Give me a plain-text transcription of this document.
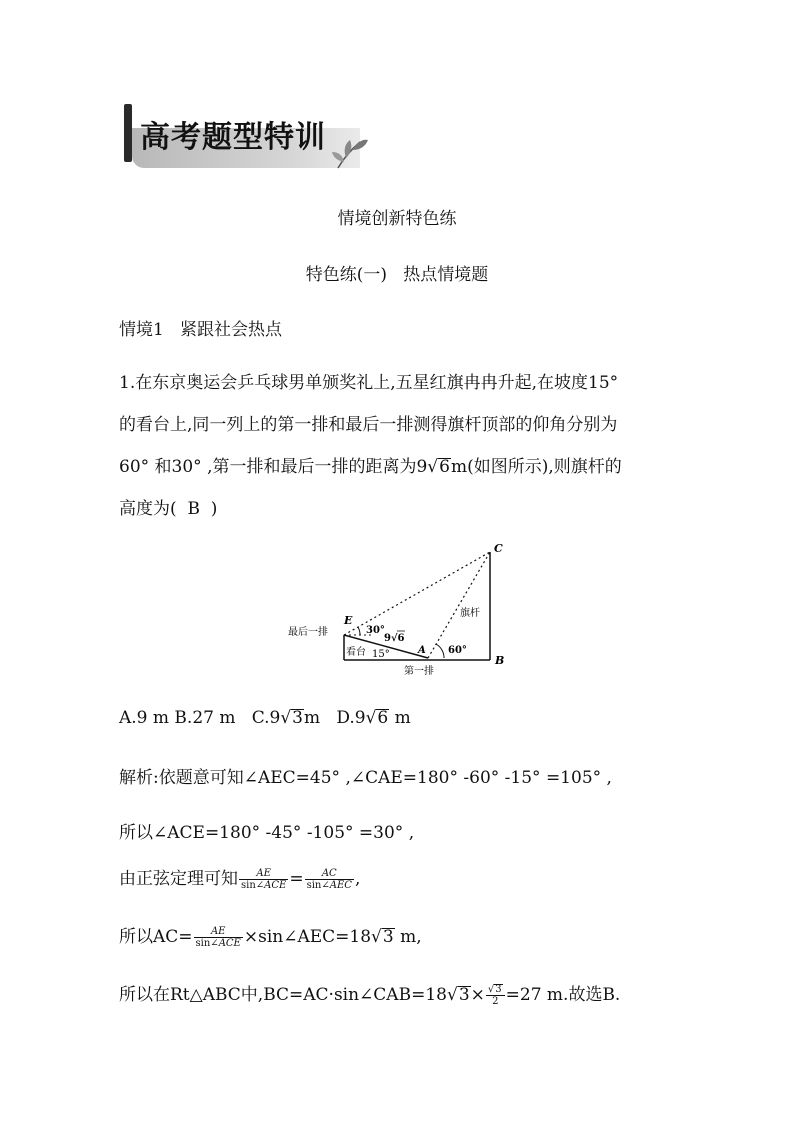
高考题型特训
情境创新特色练
特色练(一)   热点情境题
情境1   紧跟社会热点
1.在东京奥运会乒乓球男单颁奖礼上,五星红旗冉冉升起,在坡度15°
的看台上,同一列上的第一排和最后一排测得旗杆顶部的仰角分别为
60° 和30° ,第一排和最后一排的距离为9√6m(如图所示),则旗杆的
高度为(  B  )
C
B
E
A
旗杆
最后一排
第一排
看台
30°
15°	60°
9√6
A.9 m B.27 m   C.9√3m   D.9√6 m
解析:依题意可知∠AEC=45° ,∠CAE=180° -60° -15° =105° ,
所以∠ACE=180° -45° -105° =30° ,
由正弦定理可知 $\frac{AE}{\text{sin∠ACE}} = \frac{AC}{\text{sin∠AEC}}$ ,
所以$AC= \frac{AE}{\text{sin∠ACE}}$ ×sin∠AEC=18√3 m,
所以在Rt△ABC中,BC=AC·sin∠CAB=18√3× $\frac{√3}{2} =27$ m.故选B.
